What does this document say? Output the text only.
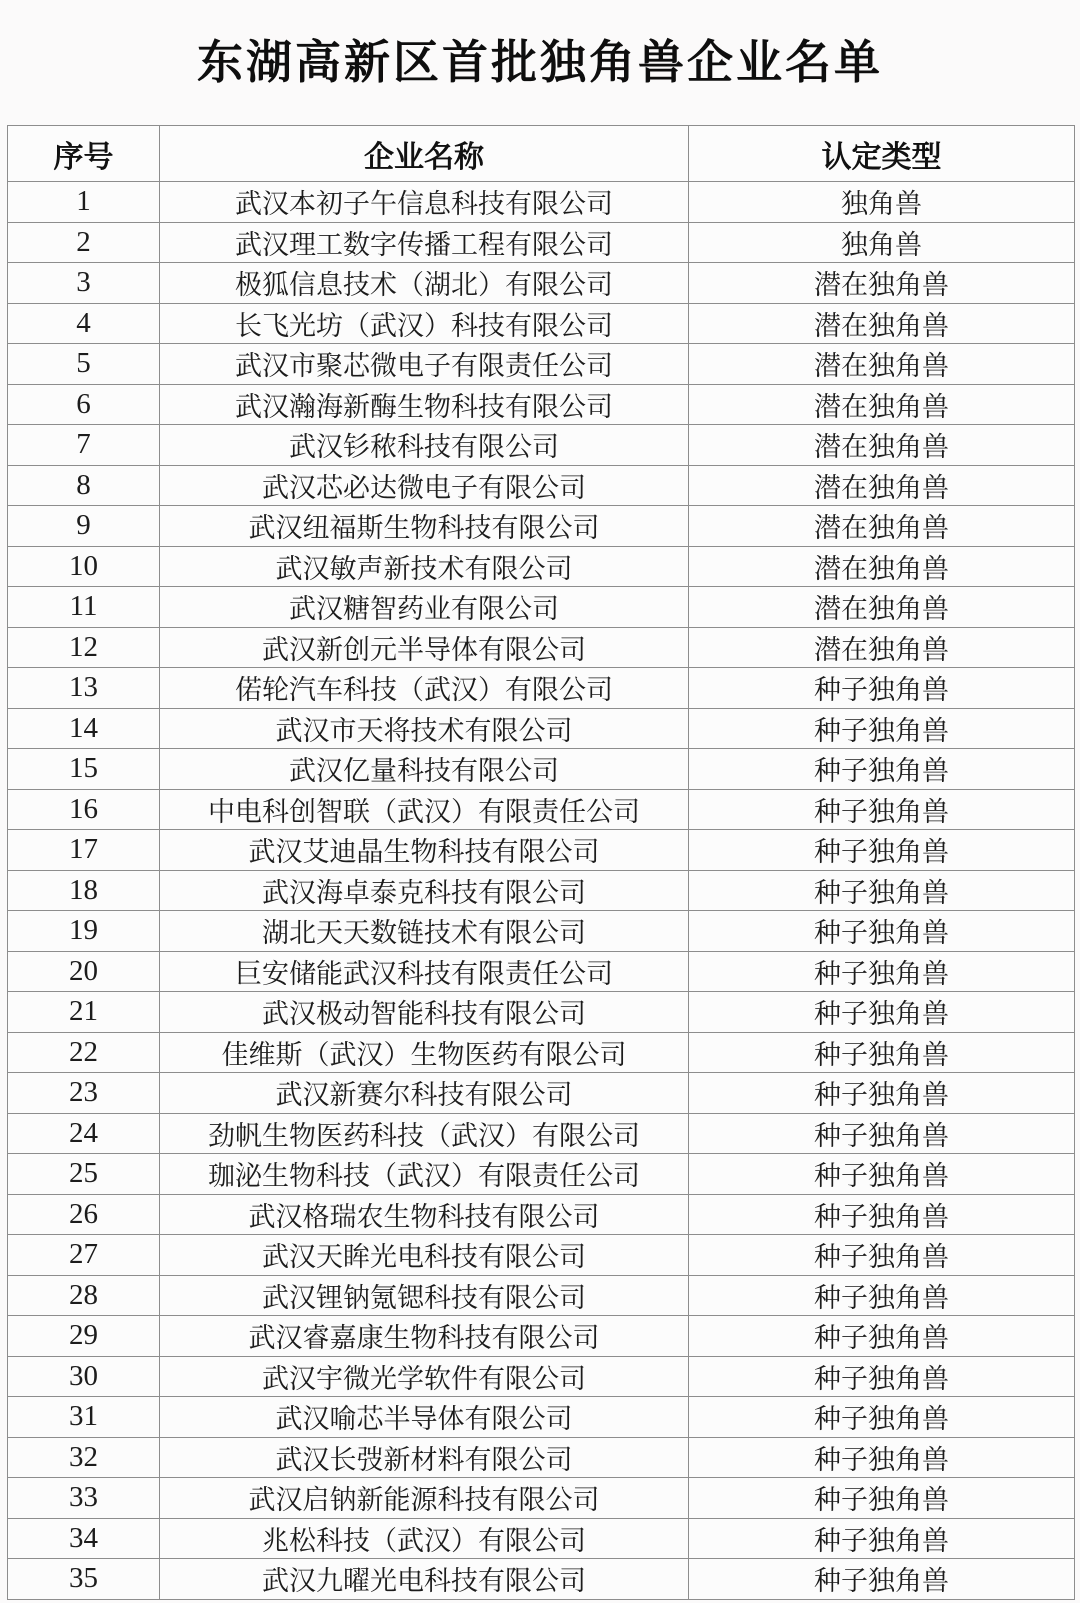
东湖高新区首批独角兽企业名单
序号	企业名称	认定类型
1	武汉本初子午信息科技有限公司	独角兽
2	武汉理工数字传播工程有限公司	独角兽
3	极狐信息技术（湖北）有限公司	潜在独角兽
4	长飞光坊（武汉）科技有限公司	潜在独角兽
5	武汉市聚芯微电子有限责任公司	潜在独角兽
6	武汉瀚海新酶生物科技有限公司	潜在独角兽
7	武汉钐秾科技有限公司	潜在独角兽
8	武汉芯必达微电子有限公司	潜在独角兽
9	武汉纽福斯生物科技有限公司	潜在独角兽
10	武汉敏声新技术有限公司	潜在独角兽
11	武汉糖智药业有限公司	潜在独角兽
12	武汉新创元半导体有限公司	潜在独角兽
13	偌轮汽车科技（武汉）有限公司	种子独角兽
14	武汉市天将技术有限公司	种子独角兽
15	武汉亿量科技有限公司	种子独角兽
16	中电科创智联（武汉）有限责任公司	种子独角兽
17	武汉艾迪晶生物科技有限公司	种子独角兽
18	武汉海卓泰克科技有限公司	种子独角兽
19	湖北天天数链技术有限公司	种子独角兽
20	巨安储能武汉科技有限责任公司	种子独角兽
21	武汉极动智能科技有限公司	种子独角兽
22	佳维斯（武汉）生物医药有限公司	种子独角兽
23	武汉新赛尔科技有限公司	种子独角兽
24	劲帆生物医药科技（武汉）有限公司	种子独角兽
25	珈泌生物科技（武汉）有限责任公司	种子独角兽
26	武汉格瑞农生物科技有限公司	种子独角兽
27	武汉天眸光电科技有限公司	种子独角兽
28	武汉锂钠氪锶科技有限公司	种子独角兽
29	武汉睿嘉康生物科技有限公司	种子独角兽
30	武汉宇微光学软件有限公司	种子独角兽
31	武汉喻芯半导体有限公司	种子独角兽
32	武汉长弢新材料有限公司	种子独角兽
33	武汉启钠新能源科技有限公司	种子独角兽
34	兆松科技（武汉）有限公司	种子独角兽
35	武汉九曜光电科技有限公司	种子独角兽
